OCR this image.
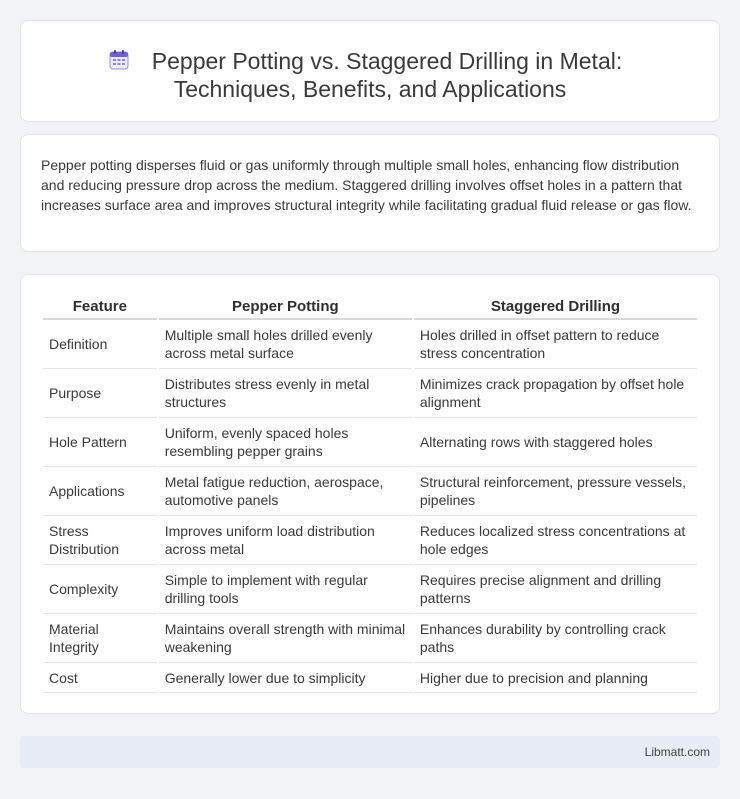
Pepper Potting vs. Staggered Drilling in Metal:
Techniques, Benefits, and Applications

Pepper potting disperses fluid or gas uniformly through multiple small holes, enhancing flow distribution and reducing pressure drop across the medium. Staggered drilling involves offset holes in a pattern that increases surface area and improves structural integrity while facilitating gradual fluid release or gas flow.

Feature	Pepper Potting	Staggered Drilling
Definition	Multiple small holes drilled evenly across metal surface	Holes drilled in offset pattern to reduce stress concentration
Purpose	Distributes stress evenly in metal structures	Minimizes crack propagation by offset hole alignment
Hole Pattern	Uniform, evenly spaced holes resembling pepper grains	Alternating rows with staggered holes
Applications	Metal fatigue reduction, aerospace, automotive panels	Structural reinforcement, pressure vessels, pipelines
Stress Distribution	Improves uniform load distribution across metal	Reduces localized stress concentrations at hole edges
Complexity	Simple to implement with regular drilling tools	Requires precise alignment and drilling patterns
Material Integrity	Maintains overall strength with minimal weakening	Enhances durability by controlling crack paths
Cost	Generally lower due to simplicity	Higher due to precision and planning
Libmatt.com
